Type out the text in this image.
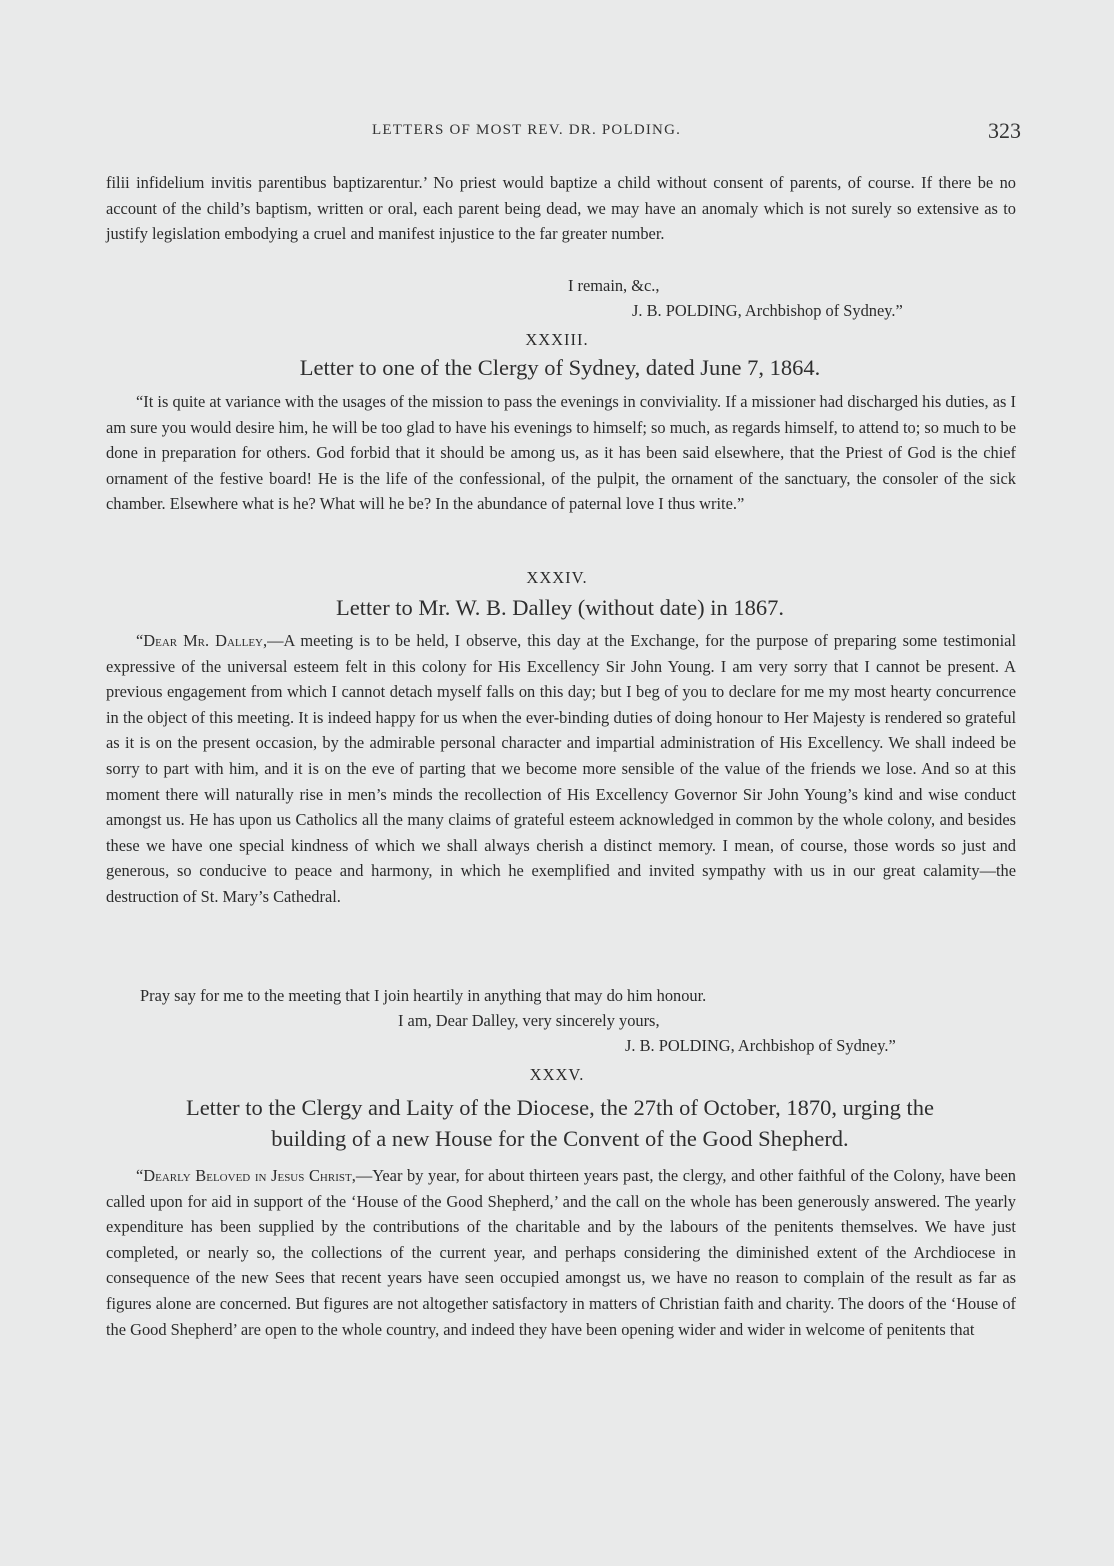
LETTERS OF MOST REV. DR. POLDING.	323

filii infidelium invitis parentibus baptizarentur.’ No priest would baptize a child without consent of parents, of course. If there be no account of the child’s baptism, written or oral, each parent being dead, we may have an anomaly which is not surely so extensive as to justify legislation embodying a cruel and manifest injustice to the far greater number.

I remain, &c.,
J. B. POLDING, Archbishop of Sydney.”
XXXIII.
Letter to one of the Clergy of Sydney, dated June 7, 1864.

“It is quite at variance with the usages of the mission to pass the evenings in conviviality. If a missioner had discharged his duties, as I am sure you would desire him, he will be too glad to have his evenings to himself; so much, as regards himself, to attend to; so much to be done in preparation for others. God forbid that it should be among us, as it has been said elsewhere, that the Priest of God is the chief ornament of the festive board! He is the life of the confessional, of the pulpit, the ornament of the sanctuary, the consoler of the sick chamber. Elsewhere what is he? What will he be? In the abundance of paternal love I thus write.”

XXXIV.
Letter to Mr. W. B. Dalley (without date) in 1867.

“Dear Mr. Dalley,—A meeting is to be held, I observe, this day at the Exchange, for the purpose of preparing some testimonial expressive of the universal esteem felt in this colony for His Excellency Sir John Young. I am very sorry that I cannot be present. A previous engagement from which I cannot detach myself falls on this day; but I beg of you to declare for me my most hearty concurrence in the object of this meeting. It is indeed happy for us when the ever-binding duties of doing honour to Her Majesty is rendered so grateful as it is on the present occasion, by the admirable personal character and impartial administration of His Excellency. We shall indeed be sorry to part with him, and it is on the eve of parting that we become more sensible of the value of the friends we lose. And so at this moment there will naturally rise in men’s minds the recollection of His Excellency Governor Sir John Young’s kind and wise conduct amongst us. He has upon us Catholics all the many claims of grateful esteem acknowledged in common by the whole colony, and besides these we have one special kindness of which we shall always cherish a distinct memory. I mean, of course, those words so just and generous, so conducive to peace and harmony, in which he exemplified and invited sympathy with us in our great calamity—the destruction of St. Mary’s Cathedral.

Pray say for me to the meeting that I join heartily in anything that may do him honour.
I am, Dear Dalley, very sincerely yours,
J. B. POLDING, Archbishop of Sydney.”
XXXV.
Letter to the Clergy and Laity of the Diocese, the 27th of October, 1870, urging the
building of a new House for the Convent of the Good Shepherd.

“Dearly Beloved in Jesus Christ,—Year by year, for about thirteen years past, the clergy, and other faithful of the Colony, have been called upon for aid in support of the ‘House of the Good Shepherd,’ and the call on the whole has been generously answered. The yearly expenditure has been supplied by the contributions of the charitable and by the labours of the penitents themselves. We have just completed, or nearly so, the collections of the current year, and perhaps considering the diminished extent of the Archdiocese in consequence of the new Sees that recent years have seen occupied amongst us, we have no reason to complain of the result as far as figures alone are concerned. But figures are not altogether satisfactory in matters of Christian faith and charity. The doors of the ‘House of the Good Shepherd’ are open to the whole country, and indeed they have been opening wider and wider in welcome of penitents that
